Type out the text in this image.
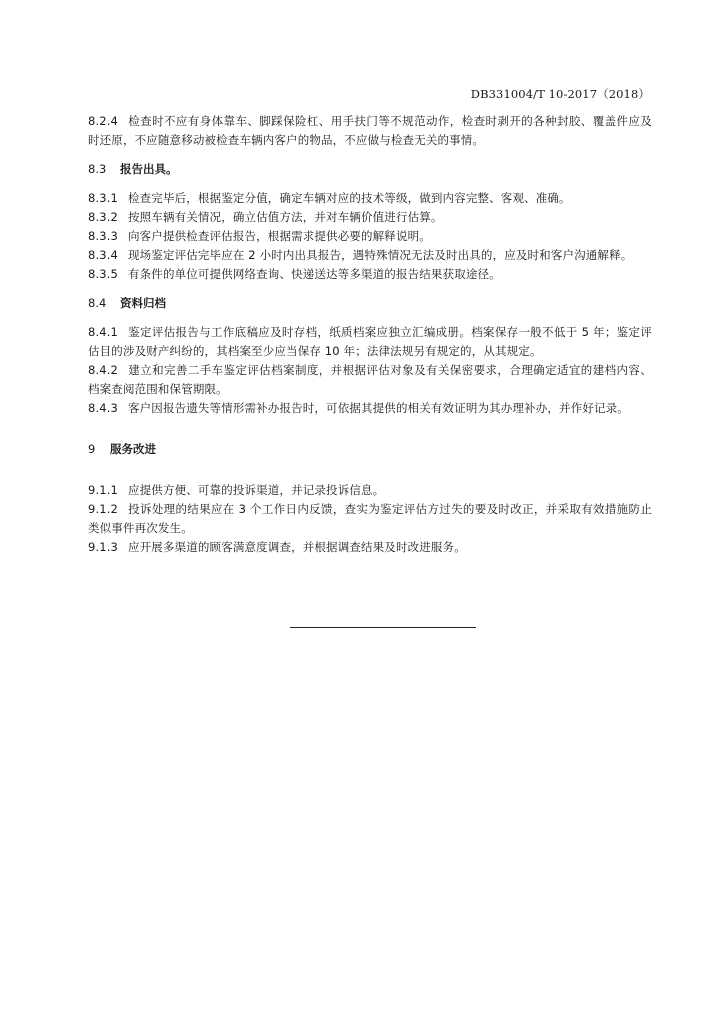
DB331004/T 10-2017（2018）

8.2.4 检查时不应有身体靠车、脚踩保险杠、用手扶门等不规范动作，检查时剥开的各种封胶、覆盖件应及时还原，不应随意移动被检查车辆内客户的物品，不应做与检查无关的事情。

8.3 报告出具。

8.3.1 检查完毕后，根据鉴定分值，确定车辆对应的技术等级，做到内容完整、客观、准确。

8.3.2 按照车辆有关情况，确立估值方法，并对车辆价值进行估算。

8.3.3 向客户提供检查评估报告，根据需求提供必要的解释说明。

8.3.4 现场鉴定评估完毕应在 2 小时内出具报告，遇特殊情况无法及时出具的，应及时和客户沟通解释。

8.3.5 有条件的单位可提供网络查询、快递送达等多渠道的报告结果获取途径。

8.4 资料归档

8.4.1 鉴定评估报告与工作底稿应及时存档，纸质档案应独立汇编成册。档案保存一般不低于 5 年；鉴定评估目的涉及财产纠纷的，其档案至少应当保存 10 年；法律法规另有规定的，从其规定。

8.4.2 建立和完善二手车鉴定评估档案制度，并根据评估对象及有关保密要求，合理确定适宜的建档内容、档案查阅范围和保管期限。

8.4.3 客户因报告遗失等情形需补办报告时，可依据其提供的相关有效证明为其办理补办，并作好记录。

9 服务改进

9.1.1 应提供方便、可靠的投诉渠道，并记录投诉信息。

9.1.2 投诉处理的结果应在 3 个工作日内反馈，查实为鉴定评估方过失的要及时改正，并采取有效措施防止类似事件再次发生。

9.1.3 应开展多渠道的顾客满意度调查，并根据调查结果及时改进服务。
